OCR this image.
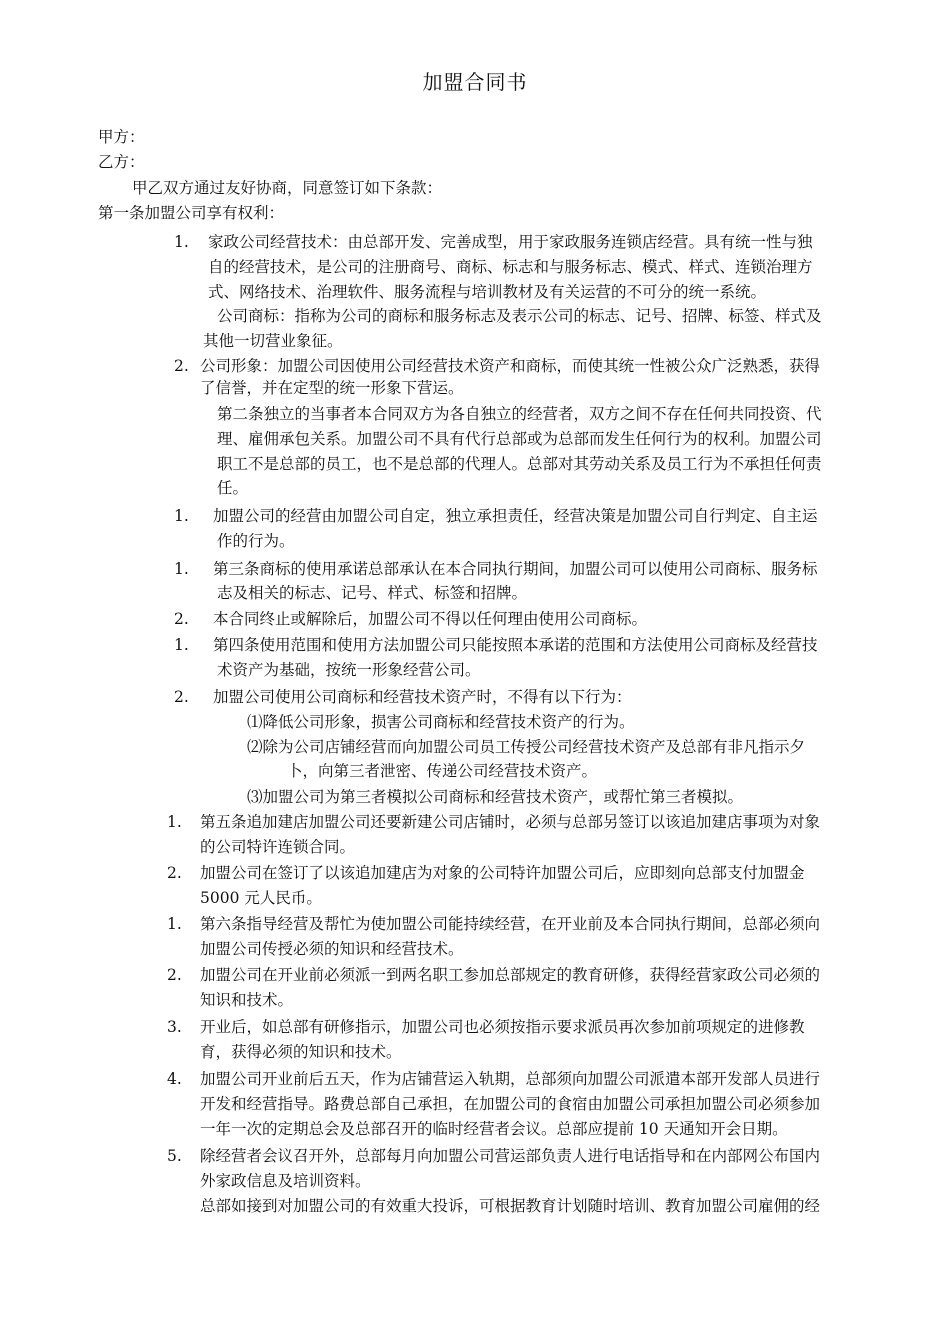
加盟合同书
甲方：
乙方：
甲乙双方通过友好协商，同意签订如下条款：
第一条加盟公司享有权利：
1. 家政公司经营技术：由总部开发、完善成型，用于家政服务连锁店经营。具有统一性与独
自的经营技术，是公司的注册商号、商标、标志和与服务标志、模式、样式、连锁治理方
式、网络技术、治理软件、服务流程与培训教材及有关运营的不可分的统一系统。
公司商标：指称为公司的商标和服务标志及表示公司的标志、记号、招牌、标签、样式及
其他一切营业象征。
2. 公司形象：加盟公司因使用公司经营技术资产和商标，而使其统一性被公众广泛熟悉，获得
了信誉，并在定型的统一形象下营运。
第二条独立的当事者本合同双方为各自独立的经营者，双方之间不存在任何共同投资、代
理、雇佣承包关系。加盟公司不具有代行总部或为总部而发生任何行为的权利。加盟公司
职工不是总部的员工，也不是总部的代理人。总部对其劳动关系及员工行为不承担任何责
任。
1. 加盟公司的经营由加盟公司自定，独立承担责任，经营决策是加盟公司自行判定、自主运
作的行为。
1. 第三条商标的使用承诺总部承认在本合同执行期间，加盟公司可以使用公司商标、服务标
志及相关的标志、记号、样式、标签和招牌。
2. 本合同终止或解除后，加盟公司不得以任何理由使用公司商标。
1. 第四条使用范围和使用方法加盟公司只能按照本承诺的范围和方法使用公司商标及经营技
术资产为基础，按统一形象经营公司。
2. 加盟公司使用公司商标和经营技术资产时，不得有以下行为：
⑴降低公司形象，损害公司商标和经营技术资产的行为。
⑵除为公司店铺经营而向加盟公司员工传授公司经营技术资产及总部有非凡指示夕
卜，向第三者泄密、传递公司经营技术资产。
⑶加盟公司为第三者模拟公司商标和经营技术资产，或帮忙第三者模拟。
1. 第五条追加建店加盟公司还要新建公司店铺时，必须与总部另签订以该追加建店事项为对象
的公司特许连锁合同。
2. 加盟公司在签订了以该追加建店为对象的公司特许加盟公司后，应即刻向总部支付加盟金
5000 元人民币。
1. 第六条指导经营及帮忙为使加盟公司能持续经营，在开业前及本合同执行期间，总部必须向
加盟公司传授必须的知识和经营技术。
2. 加盟公司在开业前必须派一到两名职工参加总部规定的教育研修，获得经营家政公司必须的
知识和技术。
3. 开业后，如总部有研修指示，加盟公司也必须按指示要求派员再次参加前项规定的进修教
育，获得必须的知识和技术。
4. 加盟公司开业前后五天，作为店铺营运入轨期，总部须向加盟公司派遣本部开发部人员进行
开发和经营指导。路费总部自己承担，在加盟公司的食宿由加盟公司承担加盟公司必须参加
一年一次的定期总会及总部召开的临时经营者会议。总部应提前 10 天通知开会日期。
5. 除经营者会议召开外，总部每月向加盟公司营运部负责人进行电话指导和在内部网公布国内
外家政信息及培训资料。
总部如接到对加盟公司的有效重大投诉，可根据教育计划随时培训、教育加盟公司雇佣的经
